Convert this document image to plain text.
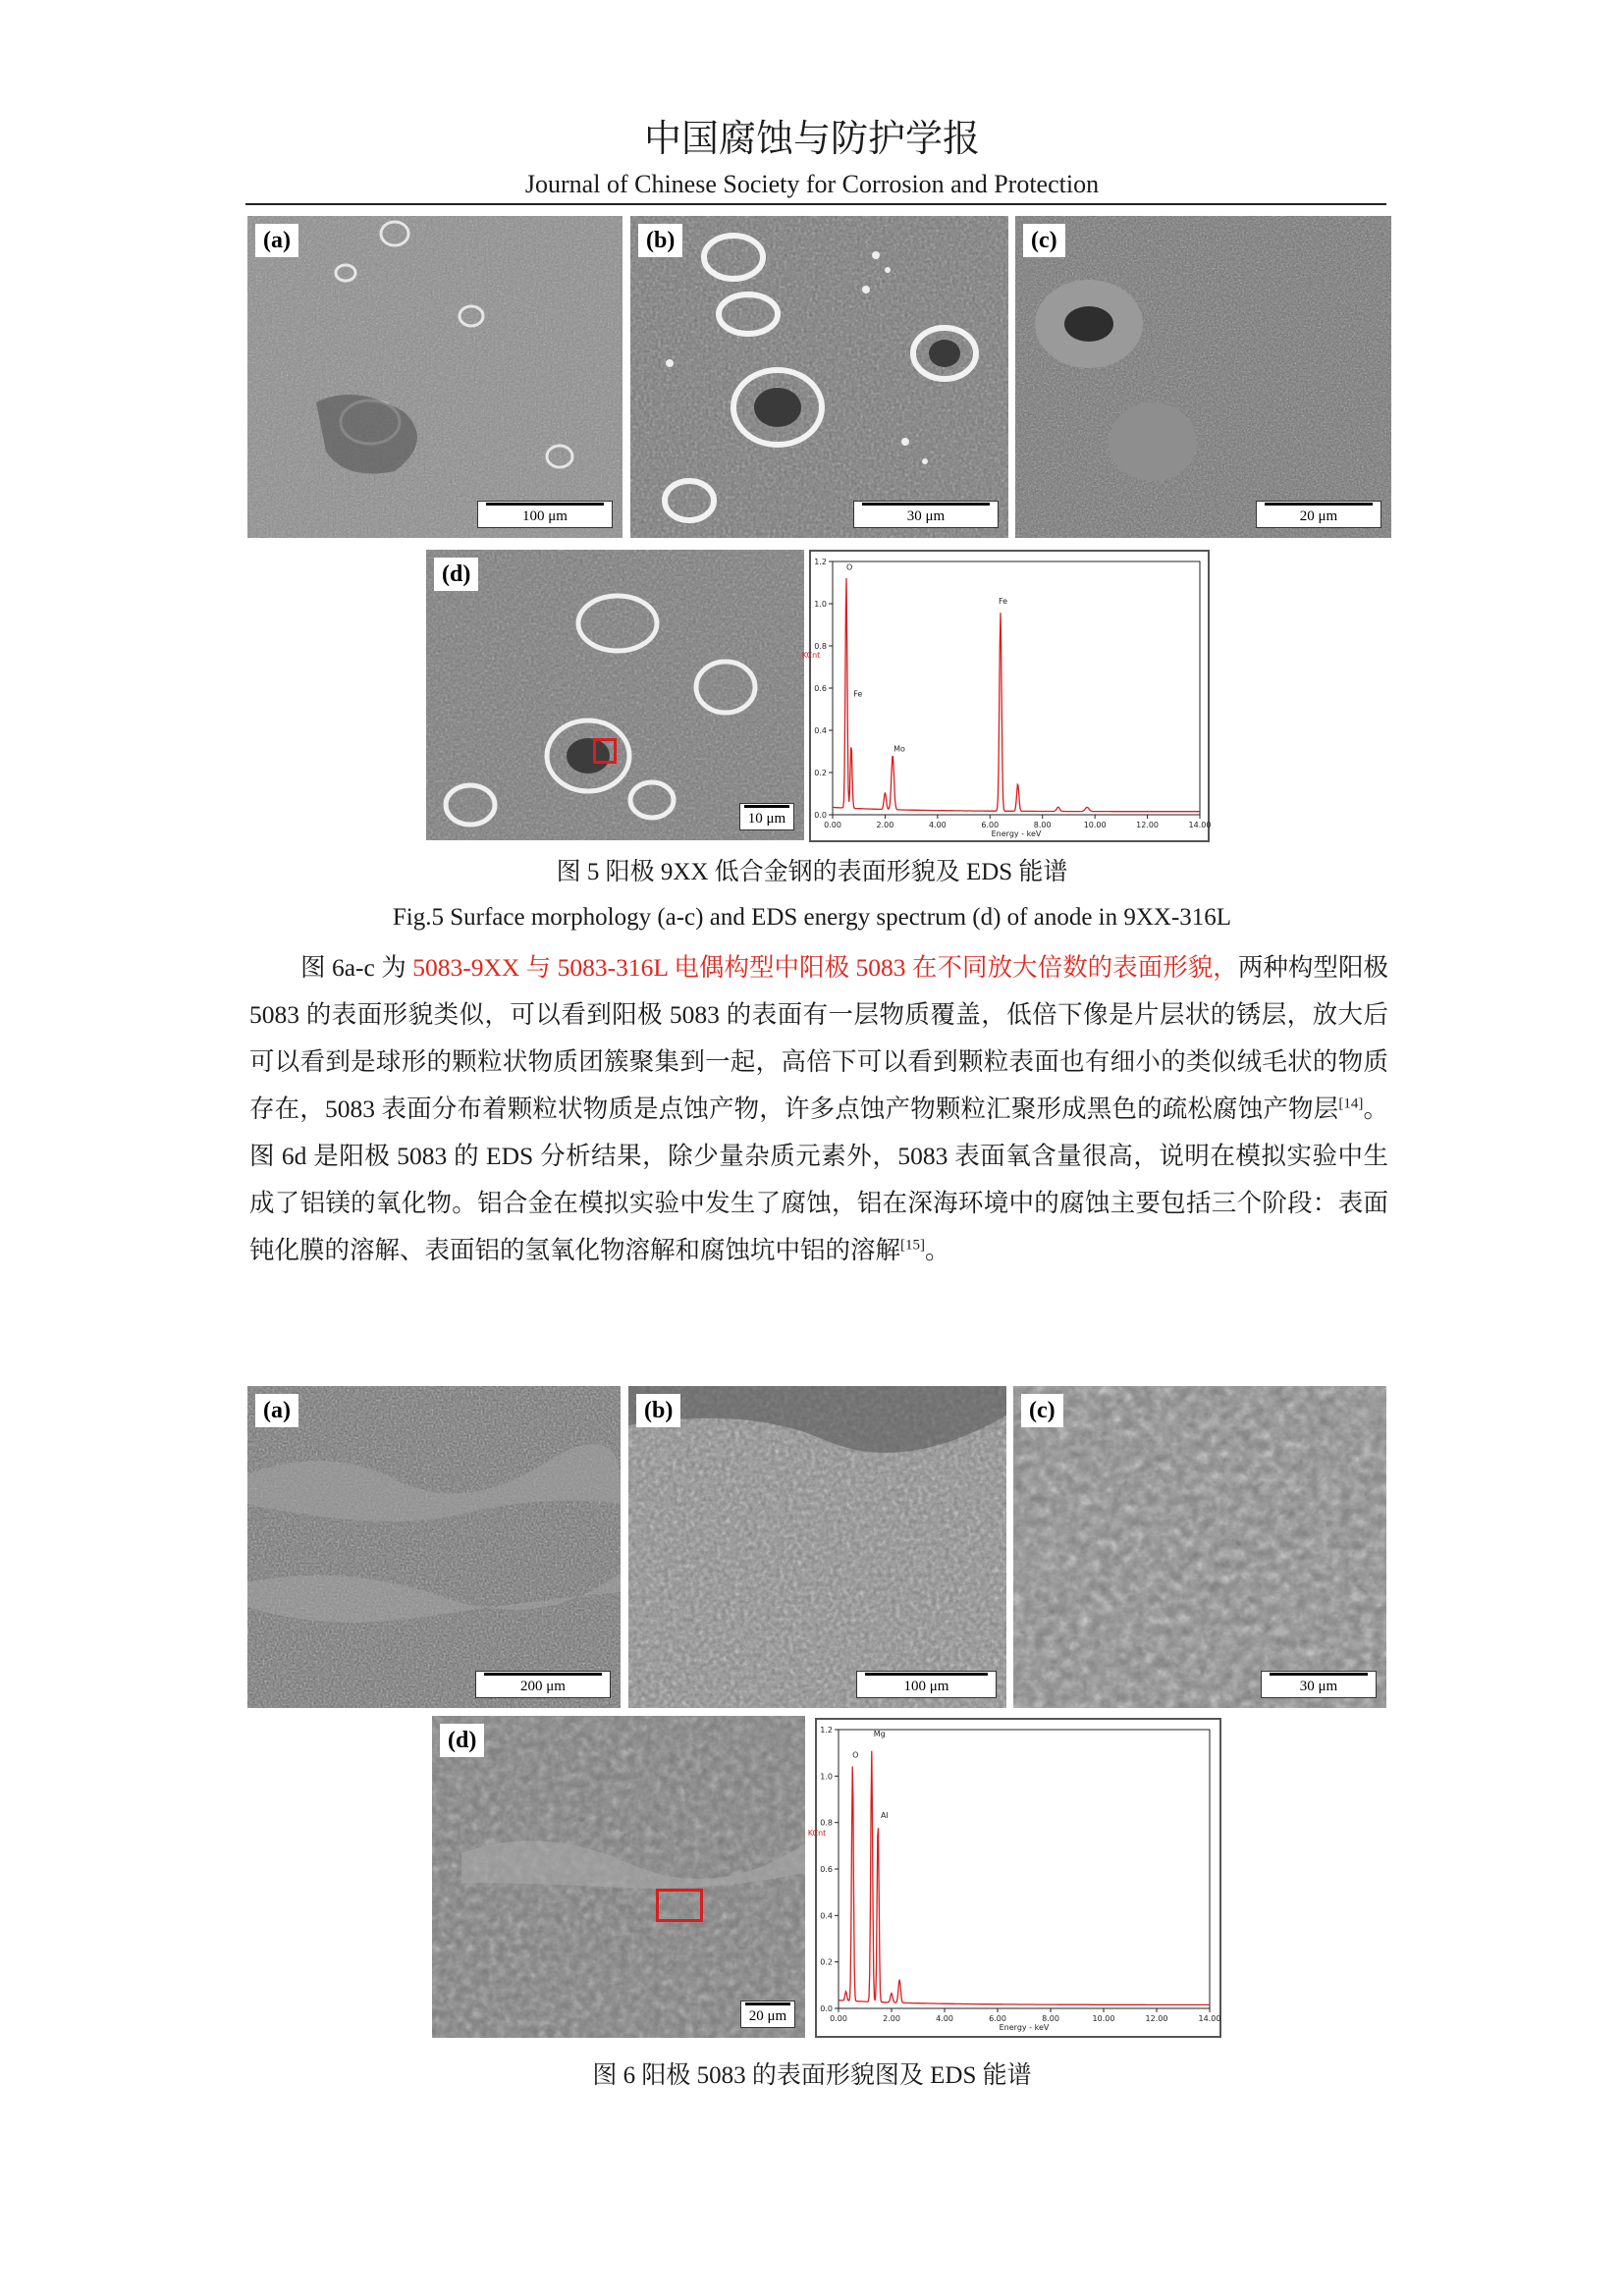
中国腐蚀与防护学报
Journal of Chinese Society for Corrosion and Protection
(a)
100 μm
(b)
30 μm
(c)
20 μm
(d)
10 μm	0.0
0.2
0.4
0.6
0.8
1.0
1.2
0.00	2.00	4.00	6.00	8.00	10.00	12.00	14.00
Energy - keV
KCnt
O
Fe
Mo
Fe
图 5 阳极 9XX 低合金钢的表面形貌及 EDS 能谱
Fig.5 Surface morphology (a-c) and EDS energy spectrum (d) of anode in 9XX-316L
图 6a-c 为 5083-9XX 与 5083-316L 电偶构型中阳极 5083 在不同放大倍数的表面形貌，两种构型阳极 5083 的表面形貌类似，可以看到阳极 5083 的表面有一层物质覆盖，低倍下像是片层状的锈层，放大后可以看到是球形的颗粒状物质团簇聚集到一起，高倍下可以看到颗粒表面也有细小的类似绒毛状的物质存在，5083 表面分布着颗粒状物质是点蚀产物，许多点蚀产物颗粒汇聚形成黑色的疏松腐蚀产物层[14]。图 6d 是阳极 5083 的 EDS 分析结果，除少量杂质元素外，5083 表面氧含量很高，说明在模拟实验中生成了铝镁的氧化物。铝合金在模拟实验中发生了腐蚀，铝在深海环境中的腐蚀主要包括三个阶段：表面钝化膜的溶解、表面铝的氢氧化物溶解和腐蚀坑中铝的溶解[15]。
(a)
200 μm
(b)
100 μm
(c)
30 μm
(d)
20 μm	0.0
0.2
0.4
0.6
0.8
1.0
1.2
0.00	2.00	4.00	6.00	8.00	10.00	12.00	14.00
Energy - keV
KCnt
O
Mg
Al
图 6 阳极 5083 的表面形貌图及 EDS 能谱
